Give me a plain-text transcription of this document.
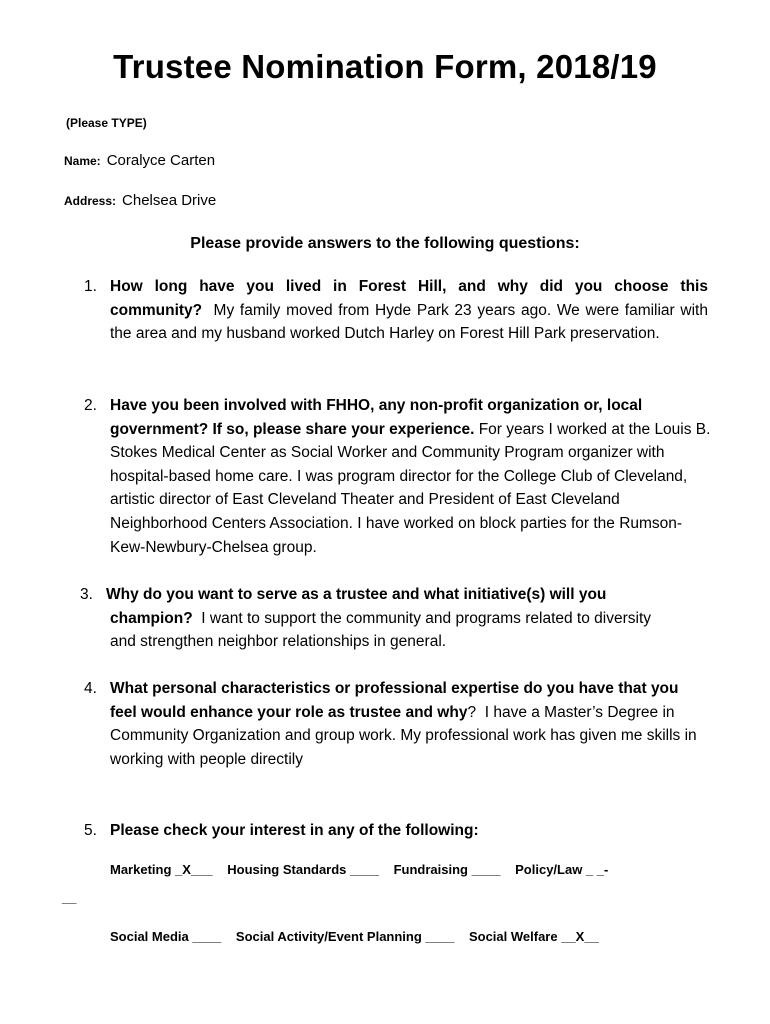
Trustee Nomination Form, 2018/19
(Please TYPE)
Name: Coralyce Carten
Address: Chelsea Drive
Please provide answers to the following questions:
1. How long have you lived in Forest Hill, and why did you choose this community? My family moved from Hyde Park 23 years ago. We were familiar with the area and my husband worked Dutch Harley on Forest Hill Park preservation.
2. Have you been involved with FHHO, any non-profit organization or, local government? If so, please share your experience. For years I worked at the Louis B. Stokes Medical Center as Social Worker and Community Program organizer with hospital-based home care. I was program director for the College Club of Cleveland, artistic director of East Cleveland Theater and President of East Cleveland Neighborhood Centers Association. I have worked on block parties for the Rumson-Kew-Newbury-Chelsea group.
3. Why do you want to serve as a trustee and what initiative(s) will you champion? I want to support the community and programs related to diversity and strengthen neighbor relationships in general.
4. What personal characteristics or professional expertise do you have that you feel would enhance your role as trustee and why? I have a Master’s Degree in Community Organization and group work. My professional work has given me skills in working with people directily
5. Please check your interest in any of the following:
Marketing _X___ Housing Standards ____ Fundraising ____ Policy/Law _ _-
__
Social Media ____ Social Activity/Event Planning ____ Social Welfare __X__
